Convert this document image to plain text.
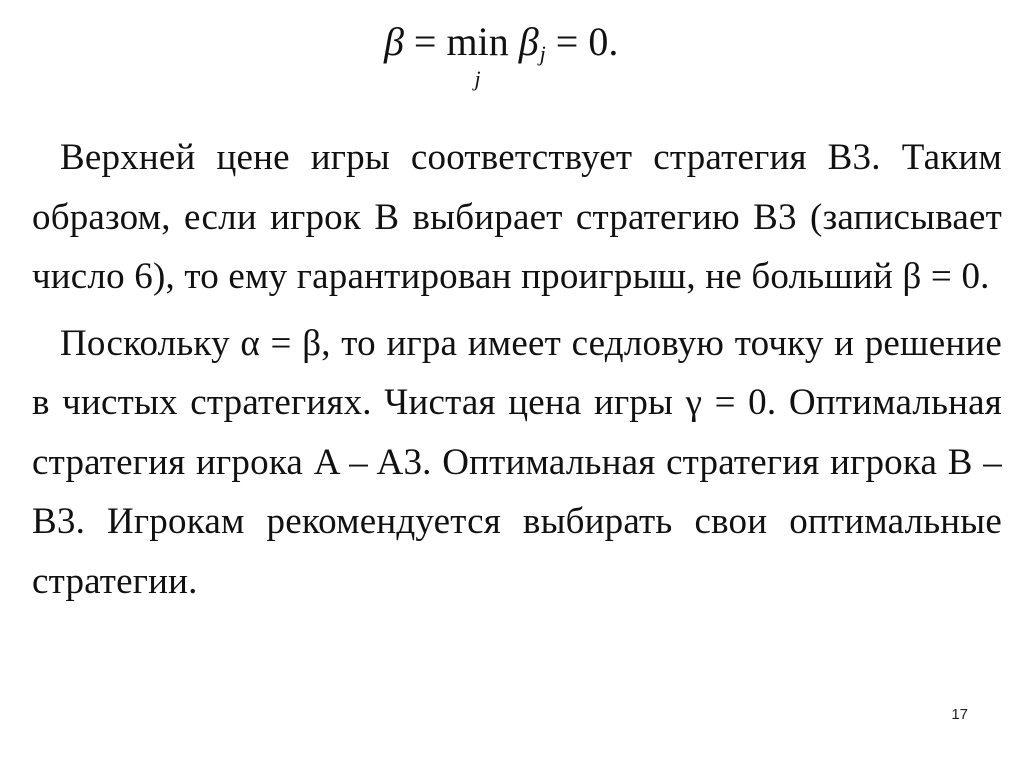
β = min
j
βj = 0.

Верхней цене игры соответствует стратегия B3. Таким образом, если игрок B выбирает стратегию B3 (записывает число 6), то ему гарантирован проигрыш, не больший β = 0.

Поскольку α = β, то игра имеет седловую точку и решение в чистых стратегиях. Чистая цена игры γ = 0. Оптимальная стратегия игрока A – A3. Оптимальная стратегия игрока B – B3. Игрокам рекомендуется выбирать свои оптимальные стратегии.

17
